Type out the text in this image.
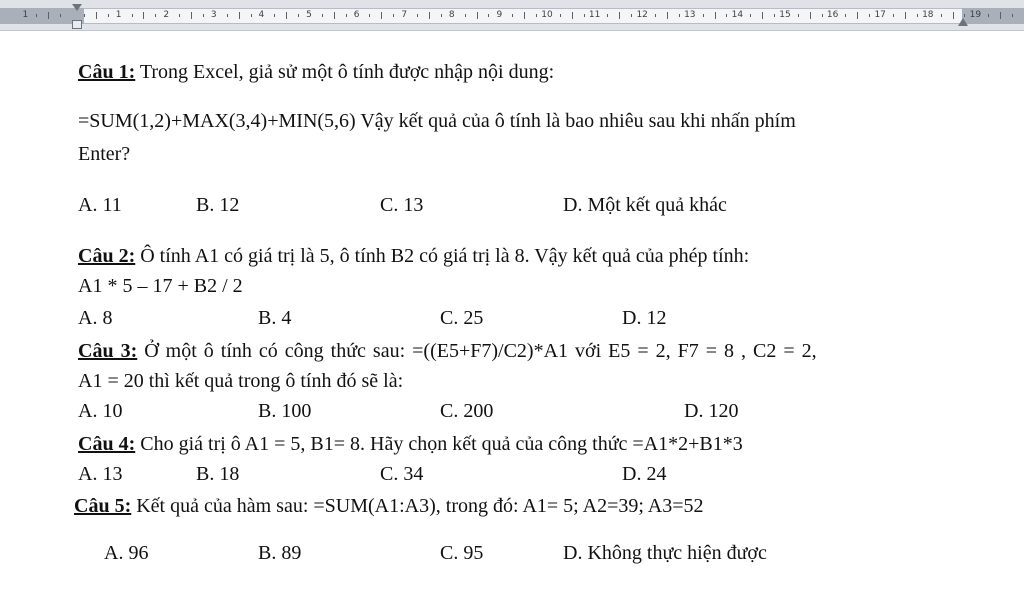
1	1	2	3	4	5	6	7	8	9	10	11	12	13	14	15	16	17	18	19
Câu 1: Trong Excel, giả sử một ô tính được nhập nội dung:
=SUM(1,2)+MAX(3,4)+MIN(5,6) Vậy kết quả của ô tính là bao nhiêu sau khi nhấn phím
Enter?
A. 11	B. 12	C. 13	D. Một kết quả khác
Câu 2: Ô tính A1 có giá trị là 5, ô tính B2 có giá trị là 8. Vậy kết quả của phép tính:
A1 * 5 – 17 + B2 / 2
A. 8	B. 4	C. 25	D. 12
Câu 3: Ở một ô tính có công thức sau: =((E5+F7)/C2)*A1 với E5 = 2, F7 = 8 , C2 = 2,
A1 = 20 thì kết quả trong ô tính đó sẽ là:
A. 10	B. 100	C. 200	D. 120
Câu 4: Cho giá trị ô A1 = 5, B1= 8. Hãy chọn kết quả của công thức =A1*2+B1*3
A. 13	B. 18	C. 34	D. 24
Câu 5: Kết quả của hàm sau: =SUM(A1:A3), trong đó: A1= 5; A2=39; A3=52
A. 96	B. 89	C. 95	D. Không thực hiện được
